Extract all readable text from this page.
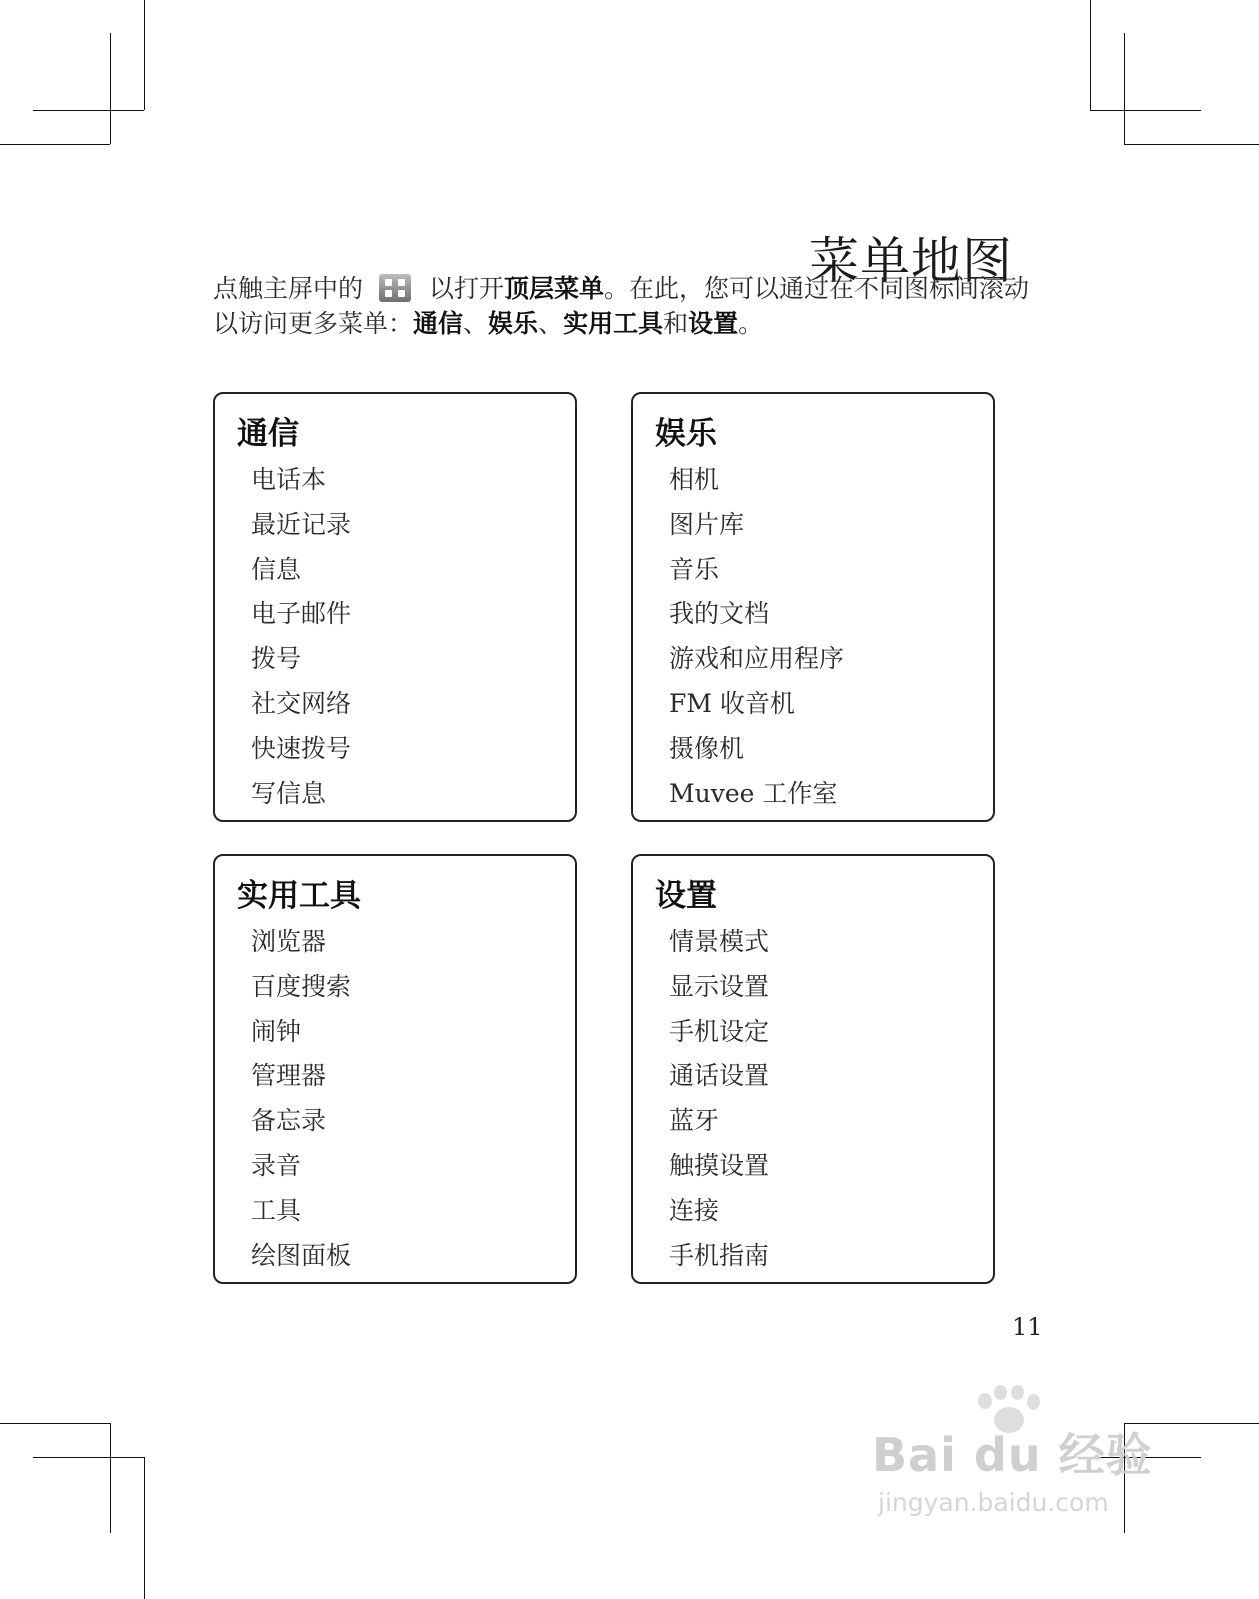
菜单地图
点触主屏中的	以打开顶层菜单。在此，您可以通过在不同图标间滚动
以访问更多菜单：通信、娱乐、实用工具和设置。
通信
电话本
最近记录
信息
电子邮件
拨号
社交网络
快速拨号
写信息
娱乐
相机
图片库
音乐
我的文档
游戏和应用程序
FM 收音机
摄像机
Muvee 工作室
实用工具
浏览器
百度搜索
闹钟
管理器
备忘录
录音
工具
绘图面板
设置
情景模式
显示设置
手机设定
通话设置
蓝牙
触摸设置
连接
手机指南
11
Bai du 经验
jingyan.baidu.com
